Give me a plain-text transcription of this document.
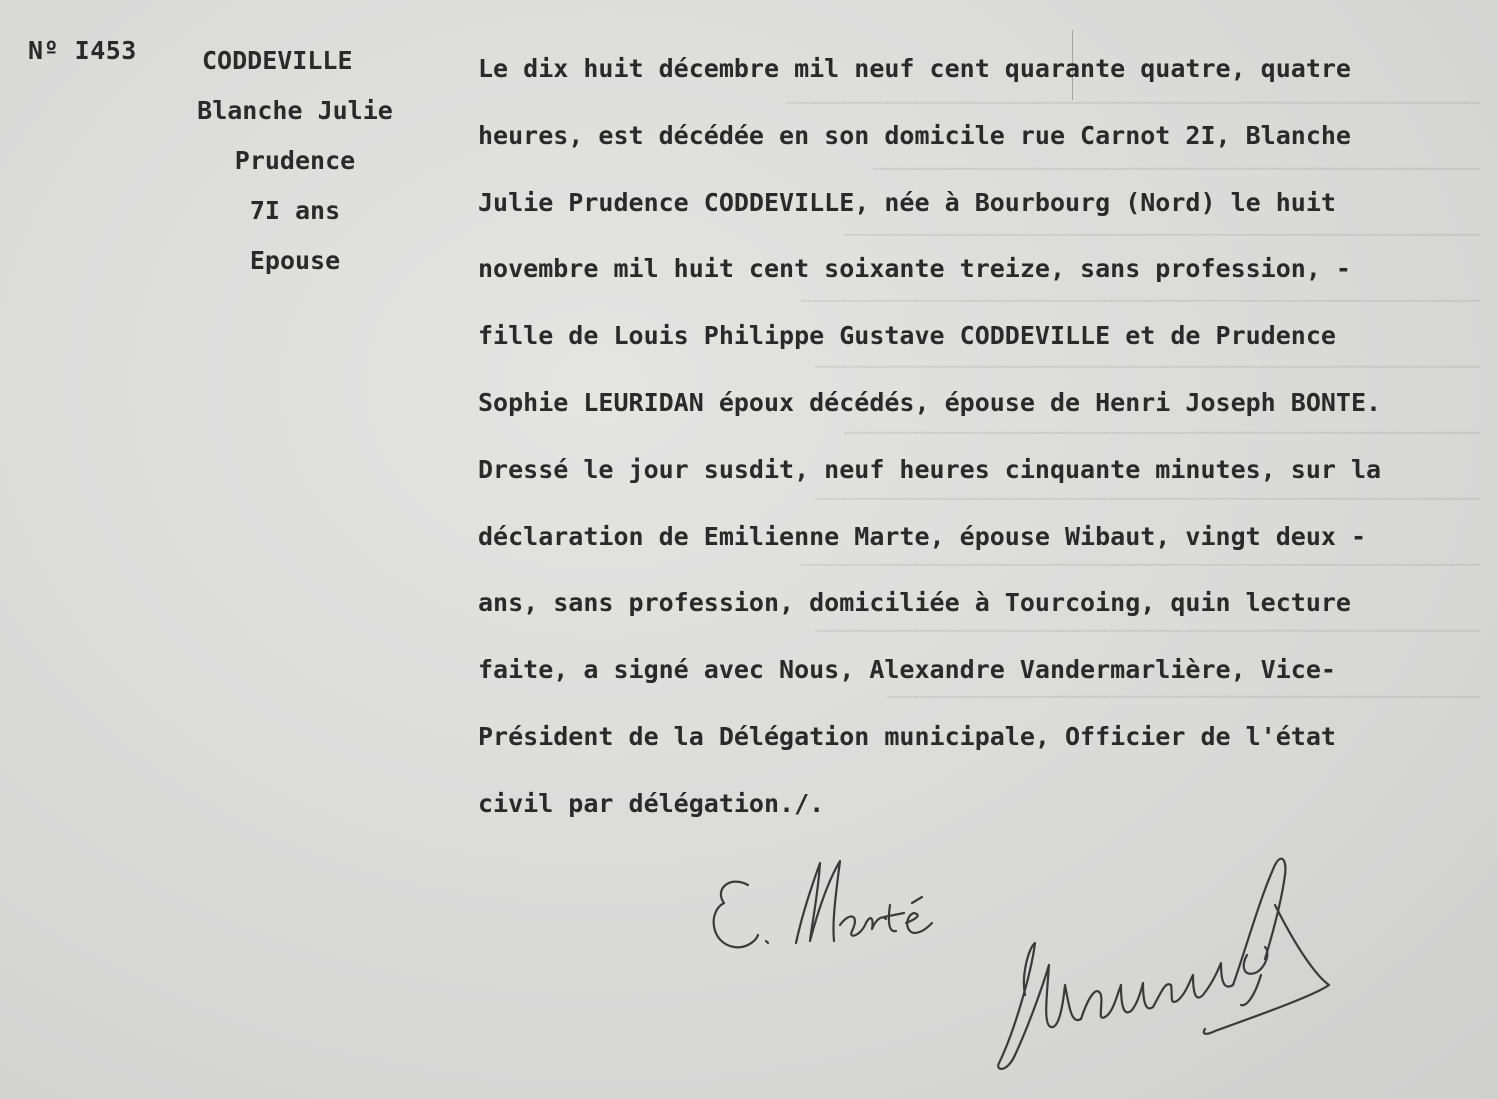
────────────────────────────────────────────────
──────────────────────────────────────────
────────────────────────────────────────────
───────────────────────────────────────────────
──────────────────────────────────────────────
────────────────────────────────────────────
──────────────────────────────────────────────
───────────────────────────────────────────────
──────────────────────────────────────────────
─────────────────────────────────────────
Nº I453	CODDEVILLE
Blanche Julie
Prudence
7I ans
Epouse
Le dix huit décembre mil neuf cent quarante quatre, quatre
heures, est décédée en son domicile rue Carnot 2I, Blanche
Julie Prudence CODDEVILLE, née à Bourbourg (Nord) le huit
novembre mil huit cent soixante treize, sans profession, -
fille de Louis Philippe Gustave CODDEVILLE et de Prudence
Sophie LEURIDAN époux décédés, épouse de Henri Joseph BONTE.
Dressé le jour susdit, neuf heures cinquante minutes, sur la
déclaration de Emilienne Marte, épouse Wibaut, vingt deux -
ans, sans profession, domiciliée à Tourcoing, quin lecture
faite, a signé avec Nous, Alexandre Vandermarlière, Vice-
Président de la Délégation municipale, Officier de l'état
civil par délégation./.
